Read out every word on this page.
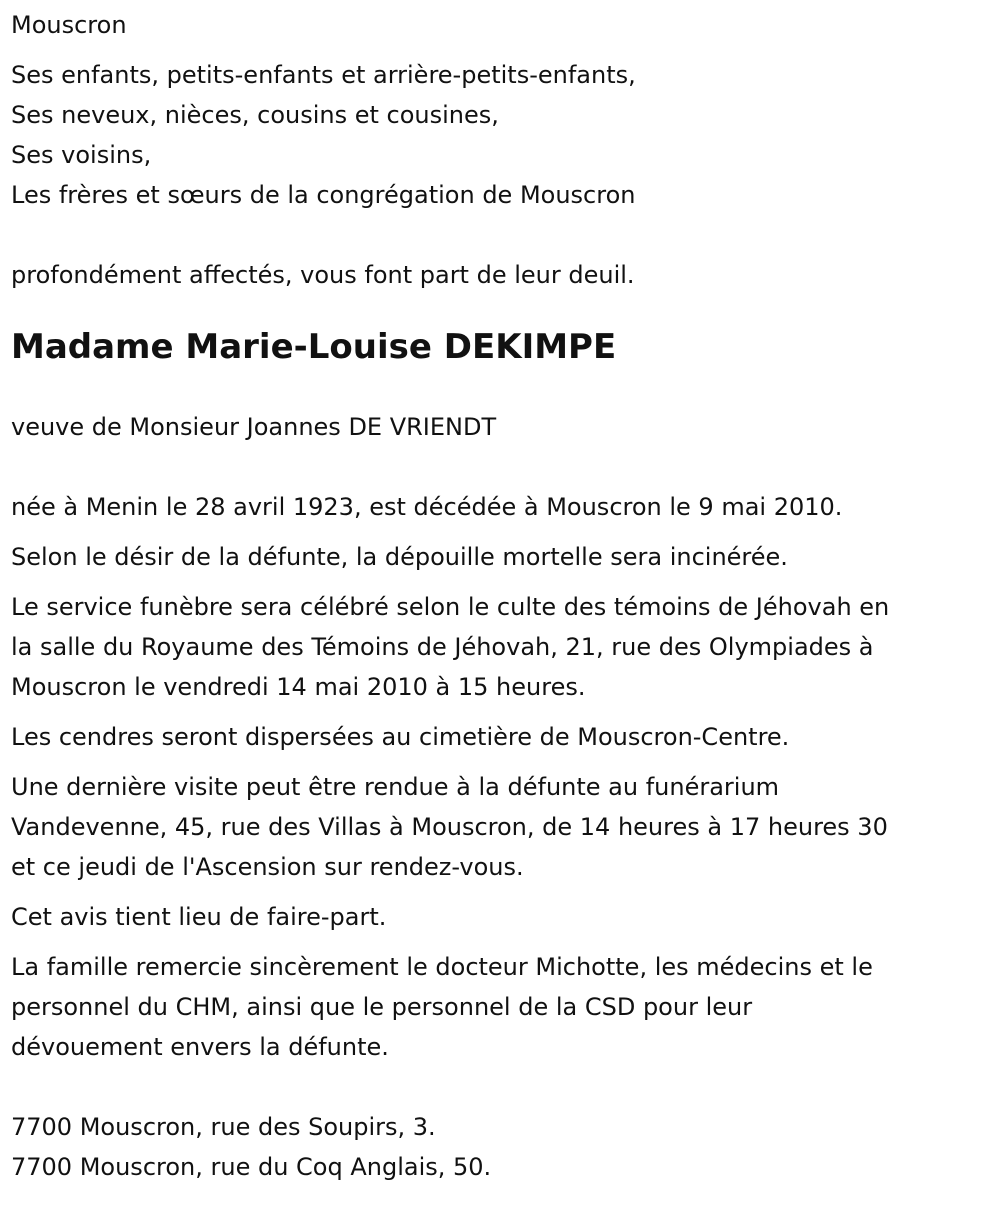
Mouscron

Ses enfants, petits-enfants et arrière-petits-enfants,

Ses neveux, nièces, cousins et cousines,

Ses voisins,

Les frères et sœurs de la congrégation de Mouscron

profondément affectés, vous font part de leur deuil.

Madame Marie-Louise DEKIMPE

veuve de Monsieur Joannes DE VRIENDT

née à Menin le 28 avril 1923, est décédée à Mouscron le 9 mai 2010.

Selon le désir de la défunte, la dépouille mortelle sera incinérée.

Le service funèbre sera célébré selon le culte des témoins de Jéhovah en

la salle du Royaume des Témoins de Jéhovah, 21, rue des Olympiades à

Mouscron le vendredi 14 mai 2010 à 15 heures.

Les cendres seront dispersées au cimetière de Mouscron-Centre.

Une dernière visite peut être rendue à la défunte au funérarium

Vandevenne, 45, rue des Villas à Mouscron, de 14 heures à 17 heures 30

et ce jeudi de l'Ascension sur rendez-vous.

Cet avis tient lieu de faire-part.

La famille remercie sincèrement le docteur Michotte, les médecins et le

personnel du CHM, ainsi que le personnel de la CSD pour leur

dévouement envers la défunte.

7700 Mouscron, rue des Soupirs, 3.

7700 Mouscron, rue du Coq Anglais, 50.
